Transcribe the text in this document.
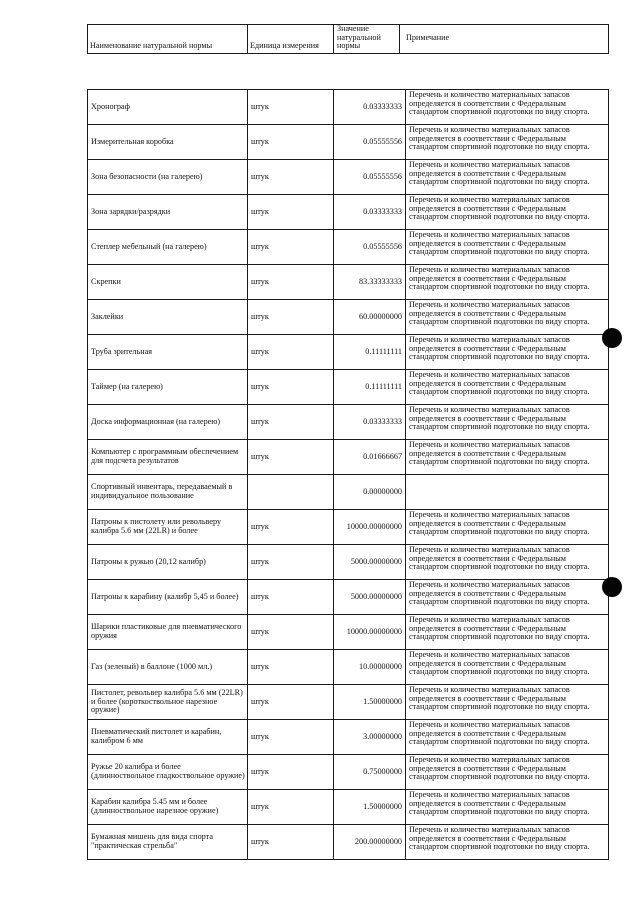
Наименование натуральной нормы	Единица измерения	Значение натуральной нормы	Примечание
Хронограф	штук	0.03333333	Перечень и количество материальных запасов определяется в соответствии с Федеральным стандартом спортивной подготовки по виду спорта.
Измерительная коробка	штук	0.05555556	Перечень и количество материальных запасов определяется в соответствии с Федеральным стандартом спортивной подготовки по виду спорта.
Зона безопасности (на галерею)	штук	0.05555556	Перечень и количество материальных запасов определяется в соответствии с Федеральным стандартом спортивной подготовки по виду спорта.
Зона зарядки/разрядки	штук	0.03333333	Перечень и количество материальных запасов определяется в соответствии с Федеральным стандартом спортивной подготовки по виду спорта.
Степлер мебельный (на галерею)	штук	0.05555556	Перечень и количество материальных запасов определяется в соответствии с Федеральным стандартом спортивной подготовки по виду спорта.
Скрепки	штук	83.33333333	Перечень и количество материальных запасов определяется в соответствии с Федеральным стандартом спортивной подготовки по виду спорта.
Заклейки	штук	60.00000000	Перечень и количество материальных запасов определяется в соответствии с Федеральным стандартом спортивной подготовки по виду спорта.
Труба зрительная	штук	0.11111111	Перечень и количество материальных запасов определяется в соответствии с Федеральным стандартом спортивной подготовки по виду спорта.
Таймер (на галерею)	штук	0.11111111	Перечень и количество материальных запасов определяется в соответствии с Федеральным стандартом спортивной подготовки по виду спорта.
Доска информационная (на галерею)	штук	0.03333333	Перечень и количество материальных запасов определяется в соответствии с Федеральным стандартом спортивной подготовки по виду спорта.
Компьютер с программным обеспечением для подсчета результатов	штук	0.01666667	Перечень и количество материальных запасов определяется в соответствии с Федеральным стандартом спортивной подготовки по виду спорта.
Спортивный инвентарь, передаваемый в индивидуальное пользование		0.00000000	
Патроны к пистолету или револьверу калибра 5.6 мм (22LR) и более	штук	10000.00000000	Перечень и количество материальных запасов определяется в соответствии с Федеральным стандартом спортивной подготовки по виду спорта.
Патроны к ружью (20,12 калибр)	штук	5000.00000000	Перечень и количество материальных запасов определяется в соответствии с Федеральным стандартом спортивной подготовки по виду спорта.
Патроны к карабину (калибр 5,45 и более)	штук	5000.00000000	Перечень и количество материальных запасов определяется в соответствии с Федеральным стандартом спортивной подготовки по виду спорта.
Шарики пластиковые для пневматического оружия	штук	10000.00000000	Перечень и количество материальных запасов определяется в соответствии с Федеральным стандартом спортивной подготовки по виду спорта.
Газ (зеленый) в баллоне (1000 мл.)	штук	10.00000000	Перечень и количество материальных запасов определяется в соответствии с Федеральным стандартом спортивной подготовки по виду спорта.
Пистолет, револьвер калибра 5.6 мм (22LR) и более (короткоствольное нарезное оружие)	штук	1.50000000	Перечень и количество материальных запасов определяется в соответствии с Федеральным стандартом спортивной подготовки по виду спорта.
Пневматический пистолет и карабин, калибром 6 мм	штук	3.00000000	Перечень и количество материальных запасов определяется в соответствии с Федеральным стандартом спортивной подготовки по виду спорта.
Ружье 20 калибра и более (длинноствольное гладкоствольное оружие)	штук	0.75000000	Перечень и количество материальных запасов определяется в соответствии с Федеральным стандартом спортивной подготовки по виду спорта.
Карабин калибра 5.45 мм и более (длинноствольное нарезное оружие)	штук	1.50000000	Перечень и количество материальных запасов определяется в соответствии с Федеральным стандартом спортивной подготовки по виду спорта.
Бумажная мишень для вида спорта "практическая стрельба"	штук	200.00000000	Перечень и количество материальных запасов определяется в соответствии с Федеральным стандартом спортивной подготовки по виду спорта.
